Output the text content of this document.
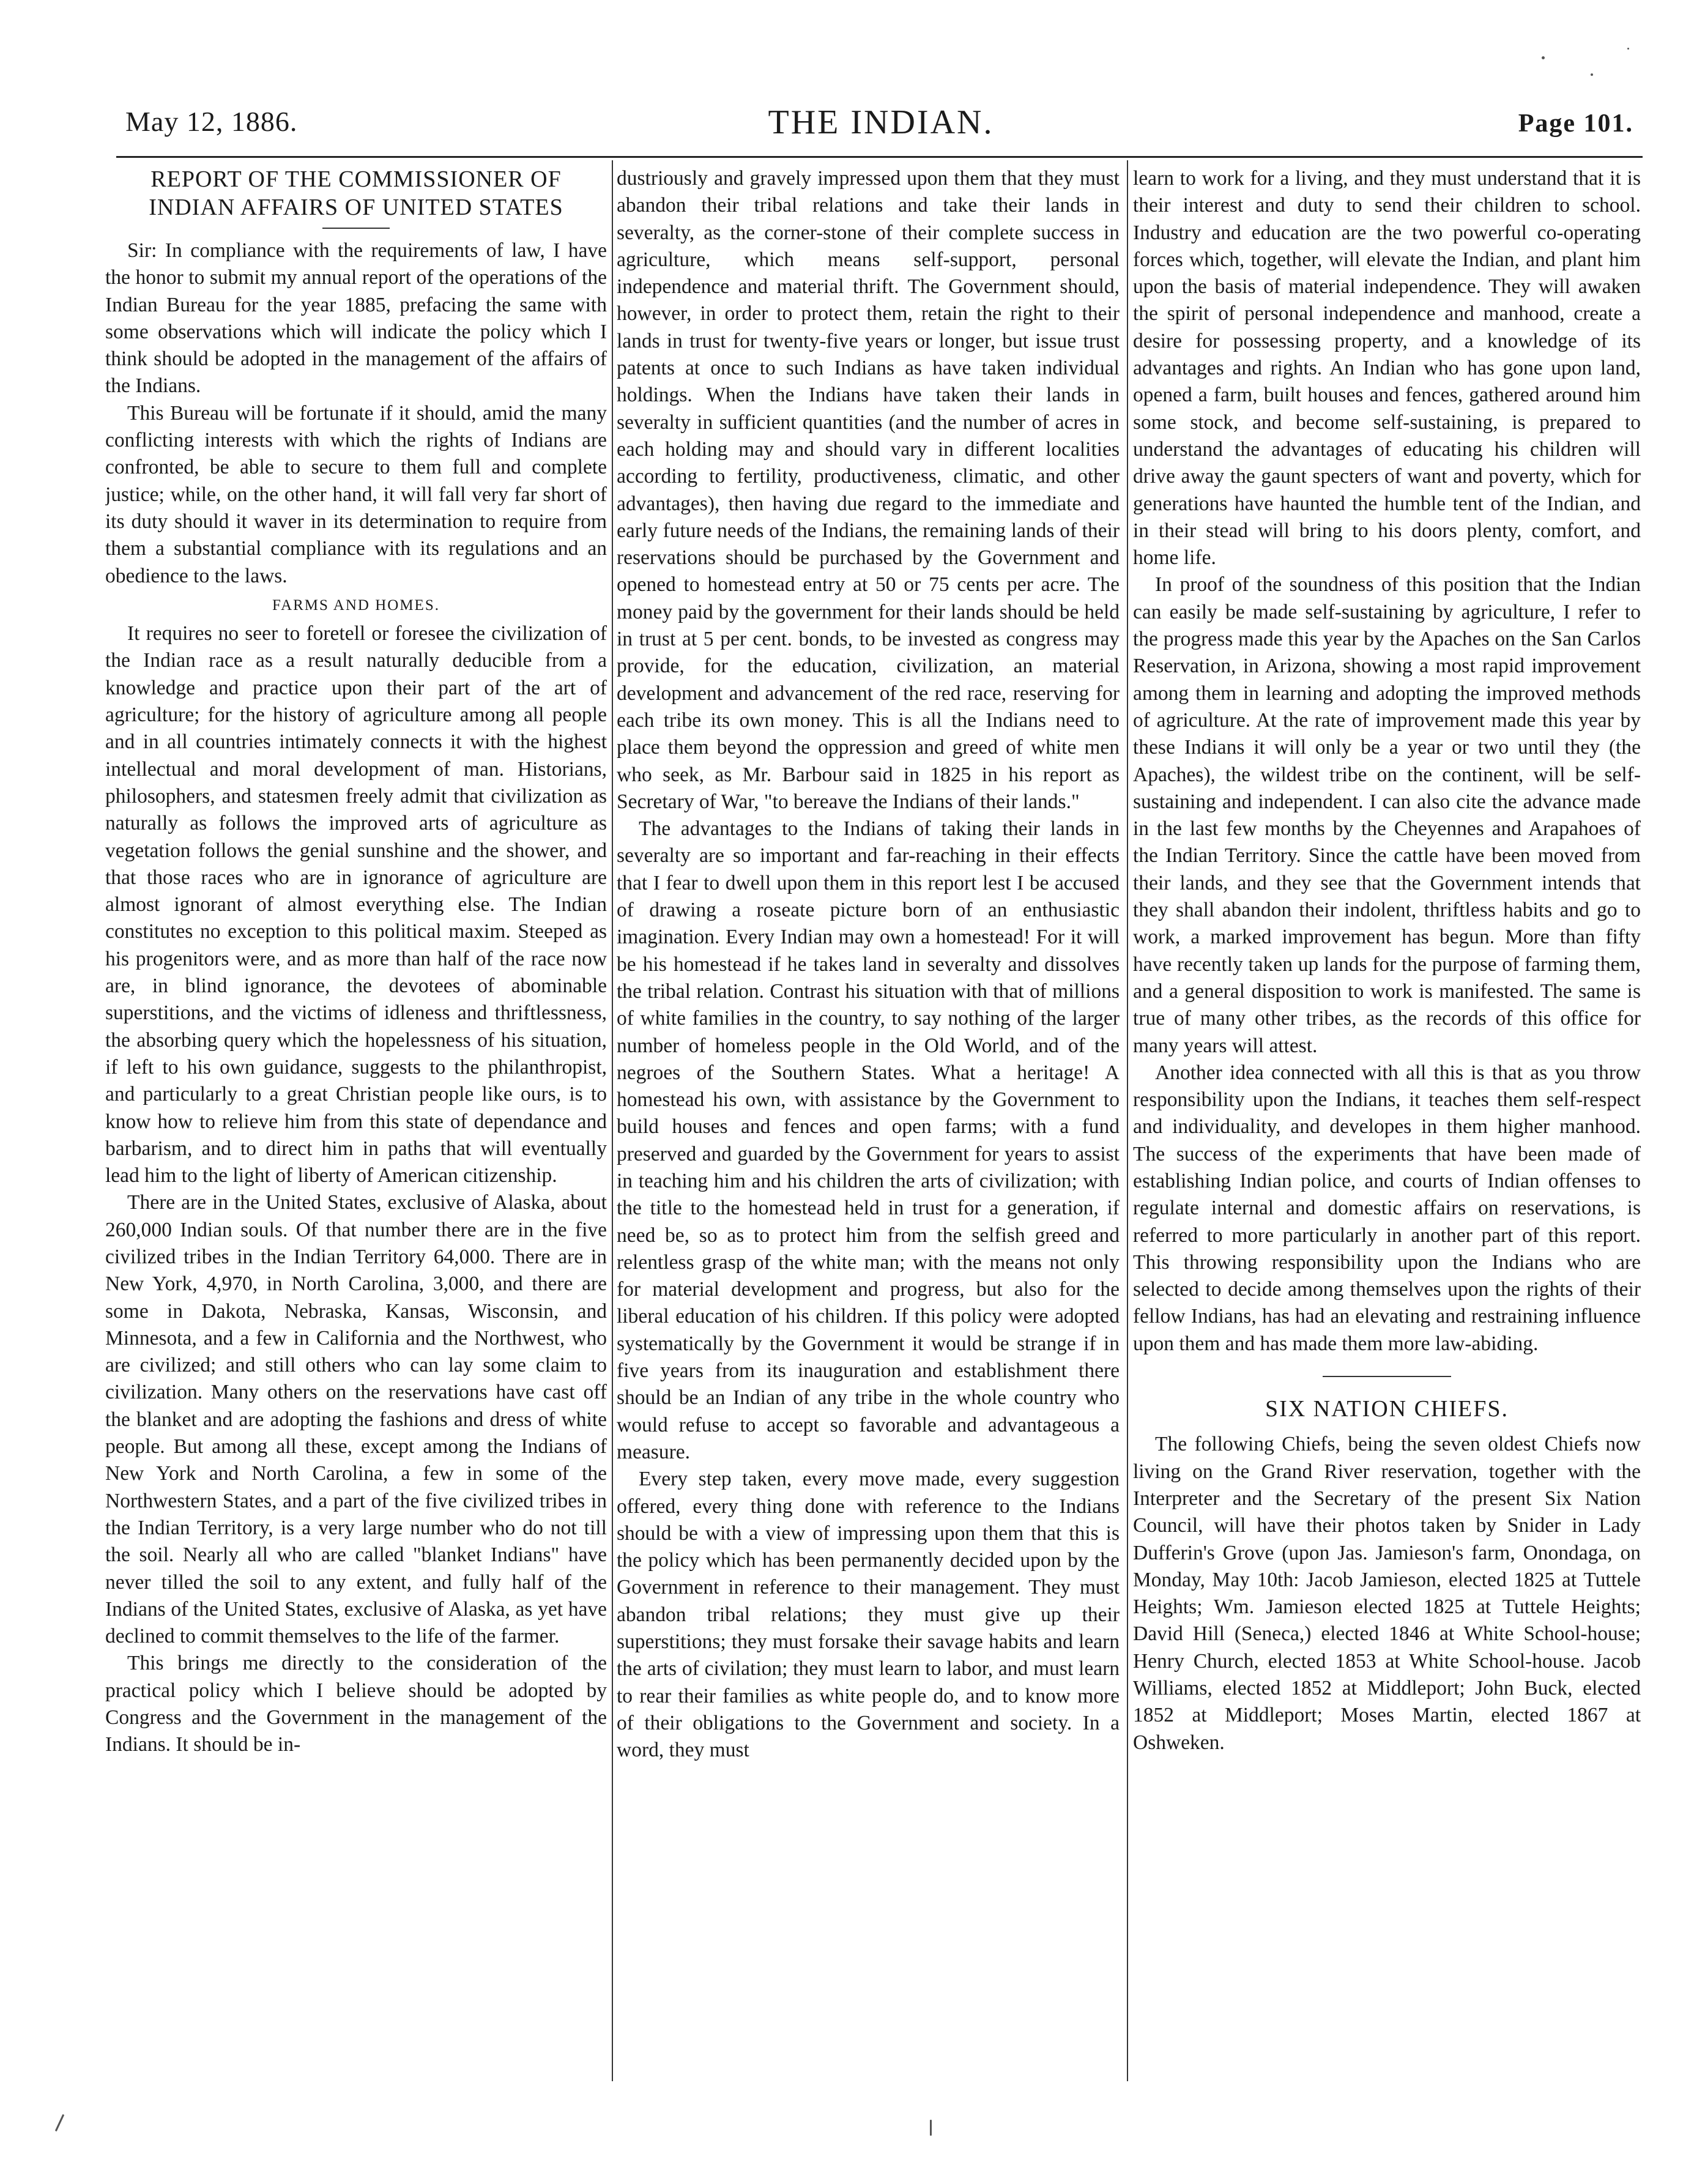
May 12, 1886.	THE INDIAN.	Page 101.
REPORT OF THE COMMISSIONER OF INDIAN AFFAIRS OF UNITED STATES

Sir: In compliance with the requirements of law, I have the honor to submit my annual report of the operations of the Indian Bureau for the year 1885, prefacing the same with some observations which will indicate the policy which I think should be adopted in the management of the affairs of the Indians.

This Bureau will be fortunate if it should, amid the many conflicting interests with which the rights of Indians are confronted, be able to secure to them full and complete justice; while, on the other hand, it will fall very far short of its duty should it waver in its determination to require from them a substantial compliance with its regulations and an obedience to the laws.

FARMS AND HOMES.

It requires no seer to foretell or foresee the civilization of the Indian race as a result naturally deducible from a knowledge and practice upon their part of the art of agriculture; for the history of agriculture among all people and in all countries intimately connects it with the highest intellectual and moral development of man. Historians, philosophers, and statesmen freely admit that civilization as naturally as follows the improved arts of agriculture as vegetation follows the genial sunshine and the shower, and that those races who are in ignorance of agriculture are almost ignorant of almost everything else. The Indian constitutes no exception to this political maxim. Steeped as his progenitors were, and as more than half of the race now are, in blind ignorance, the devotees of abominable superstitions, and the victims of idleness and thriftlessness, the absorbing query which the hopelessness of his situation, if left to his own guidance, suggests to the philanthropist, and particularly to a great Christian people like ours, is to know how to relieve him from this state of dependance and barbarism, and to direct him in paths that will eventually lead him to the light of liberty of American citizenship.

There are in the United States, exclusive of Alaska, about 260,000 Indian souls. Of that number there are in the five civilized tribes in the Indian Territory 64,000. There are in New York, 4,970, in North Carolina, 3,000, and there are some in Dakota, Nebraska, Kansas, Wisconsin, and Minnesota, and a few in California and the Northwest, who are civilized; and still others who can lay some claim to civilization. Many others on the reservations have cast off the blanket and are adopting the fashions and dress of white people. But among all these, except among the Indians of New York and North Carolina, a few in some of the Northwestern States, and a part of the five civilized tribes in the Indian Territory, is a very large number who do not till the soil. Nearly all who are called "blanket Indians" have never tilled the soil to any extent, and fully half of the Indians of the United States, exclusive of Alaska, as yet have declined to commit themselves to the life of the farmer.

This brings me directly to the consideration of the practical policy which I believe should be adopted by Congress and the Government in the management of the Indians. It should be in-

dustriously and gravely impressed upon them that they must abandon their tribal relations and take their lands in severalty, as the corner-stone of their complete success in agriculture, which means self-support, personal independence and material thrift. The Government should, however, in order to protect them, retain the right to their lands in trust for twenty-five years or longer, but issue trust patents at once to such Indians as have taken individual holdings. When the Indians have taken their lands in severalty in sufficient quantities (and the number of acres in each holding may and should vary in different localities according to fertility, productiveness, climatic, and other advantages), then having due regard to the immediate and early future needs of the Indians, the remaining lands of their reservations should be purchased by the Government and opened to homestead entry at 50 or 75 cents per acre. The money paid by the government for their lands should be held in trust at 5 per cent. bonds, to be invested as congress may provide, for the education, civilization, an material development and advancement of the red race, reserving for each tribe its own money. This is all the Indians need to place them beyond the oppression and greed of white men who seek, as Mr. Barbour said in 1825 in his report as Secretary of War, "to bereave the Indians of their lands."

The advantages to the Indians of taking their lands in severalty are so important and far-reaching in their effects that I fear to dwell upon them in this report lest I be accused of drawing a roseate picture born of an enthusiastic imagination. Every Indian may own a homestead! For it will be his homestead if he takes land in severalty and dissolves the tribal relation. Contrast his situation with that of millions of white families in the country, to say nothing of the larger number of homeless people in the Old World, and of the negroes of the Southern States. What a heritage! A homestead his own, with assistance by the Government to build houses and fences and open farms; with a fund preserved and guarded by the Government for years to assist in teaching him and his children the arts of civilization; with the title to the homestead held in trust for a generation, if need be, so as to protect him from the selfish greed and relentless grasp of the white man; with the means not only for material development and progress, but also for the liberal education of his children. If this policy were adopted systematically by the Government it would be strange if in five years from its inauguration and establishment there should be an Indian of any tribe in the whole country who would refuse to accept so favorable and advantageous a measure.

Every step taken, every move made, every suggestion offered, every thing done with reference to the Indians should be with a view of impressing upon them that this is the policy which has been permanently decided upon by the Government in reference to their management. They must abandon tribal relations; they must give up their superstitions; they must forsake their savage habits and learn the arts of civilation; they must learn to labor, and must learn to rear their families as white people do, and to know more of their obligations to the Government and society. In a word, they must

learn to work for a living, and they must understand that it is their interest and duty to send their children to school. Industry and education are the two powerful co-operating forces which, together, will elevate the Indian, and plant him upon the basis of material independence. They will awaken the spirit of personal independence and manhood, create a desire for possessing property, and a knowledge of its advantages and rights. An Indian who has gone upon land, opened a farm, built houses and fences, gathered around him some stock, and become self-sustaining, is prepared to understand the advantages of educating his children will drive away the gaunt specters of want and poverty, which for generations have haunted the humble tent of the Indian, and in their stead will bring to his doors plenty, comfort, and home life.

In proof of the soundness of this position that the Indian can easily be made self-sustaining by agriculture, I refer to the progress made this year by the Apaches on the San Carlos Reservation, in Arizona, showing a most rapid improvement among them in learning and adopting the improved methods of agriculture. At the rate of improvement made this year by these Indians it will only be a year or two until they (the Apaches), the wildest tribe on the continent, will be self-sustaining and independent. I can also cite the advance made in the last few months by the Cheyennes and Arapahoes of the Indian Territory. Since the cattle have been moved from their lands, and they see that the Government intends that they shall abandon their indolent, thriftless habits and go to work, a marked improvement has begun. More than fifty have recently taken up lands for the purpose of farming them, and a general disposition to work is manifested. The same is true of many other tribes, as the records of this office for many years will attest.

Another idea connected with all this is that as you throw responsibility upon the Indians, it teaches them self-respect and individuality, and developes in them higher manhood. The success of the experiments that have been made of establishing Indian police, and courts of Indian offenses to regulate internal and domestic affairs on reservations, is referred to more particularly in another part of this report. This throwing responsibility upon the Indians who are selected to decide among themselves upon the rights of their fellow Indians, has had an elevating and restraining influence upon them and has made them more law-abiding.

SIX NATION CHIEFS.

The following Chiefs, being the seven oldest Chiefs now living on the Grand River reservation, together with the Interpreter and the Secretary of the present Six Nation Council, will have their photos taken by Snider in Lady Dufferin's Grove (upon Jas. Jamieson's farm, Onondaga, on Monday, May 10th: Jacob Jamieson, elected 1825 at Tuttele Heights; Wm. Jamieson elected 1825 at Tuttele Heights; David Hill (Seneca,) elected 1846 at White School-house; Henry Church, elected 1853 at White School-house. Jacob Williams, elected 1852 at Middleport; John Buck, elected 1852 at Middleport; Moses Martin, elected 1867 at Oshweken.
